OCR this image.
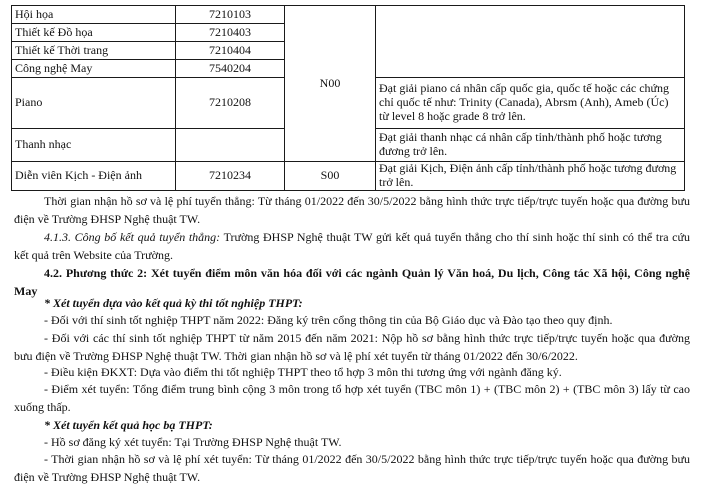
Hội họa	7210103	N00	
Thiết kế Đồ họa	7210403		
Thiết kế Thời trang	7210404		
Công nghệ May	7540204		
Piano	7210208		Đạt giải piano cá nhân cấp quốc gia, quốc tế hoặc các chứng chỉ quốc tế như: Trinity (Canada), Abrsm (Anh), Ameb (Úc) từ level 8 hoặc grade 8 trở lên.
Thanh nhạc			Đạt giải thanh nhạc cá nhân cấp tỉnh/thành phố hoặc tương đương trở lên.
Diễn viên Kịch - Điện ảnh	7210234	S00	Đạt giải Kịch, Điện ảnh cấp tỉnh/thành phố hoặc tương đương trở lên.

Thời gian nhận hồ sơ và lệ phí tuyển thẳng: Từ tháng 01/2022 đến 30/5/2022 bằng hình thức trực tiếp/trực tuyến hoặc qua đường bưu điện về Trường ĐHSP Nghệ thuật TW.

4.1.3. Công bố kết quả tuyển thẳng: Trường ĐHSP Nghệ thuật TW gửi kết quả tuyển thẳng cho thí sinh hoặc thí sinh có thể tra cứu kết quả trên Website của Trường.

4.2. Phương thức 2: Xét tuyển điểm môn văn hóa đối với các ngành Quản lý Văn hoá, Du lịch, Công tác Xã hội, Công nghệ May

* Xét tuyển dựa vào kết quả kỳ thi tốt nghiệp THPT:

- Đối với thí sinh tốt nghiệp THPT năm 2022: Đăng ký trên cổng thông tin của Bộ Giáo dục và Đào tạo theo quy định.

- Đối với các thí sinh tốt nghiệp THPT từ năm 2015 đến năm 2021: Nộp hồ sơ bằng hình thức trực tiếp/trực tuyến hoặc qua đường bưu điện về Trường ĐHSP Nghệ thuật TW. Thời gian nhận hồ sơ và lệ phí xét tuyển từ tháng 01/2022 đến 30/6/2022.

- Điều kiện ĐKXT: Dựa vào điểm thi tốt nghiệp THPT theo tổ hợp 3 môn thi tương ứng với ngành đăng ký.

- Điểm xét tuyển: Tổng điểm trung bình cộng 3 môn trong tổ hợp xét tuyển (TBC môn 1) + (TBC môn 2) + (TBC môn 3) lấy từ cao xuống thấp.

* Xét tuyển kết quả học bạ THPT:

- Hồ sơ đăng ký xét tuyển: Tại Trường ĐHSP Nghệ thuật TW.

- Thời gian nhận hồ sơ và lệ phí xét tuyển: Từ tháng 01/2022 đến 30/5/2022 bằng hình thức trực tiếp/trực tuyến hoặc qua đường bưu điện về Trường ĐHSP Nghệ thuật TW.
